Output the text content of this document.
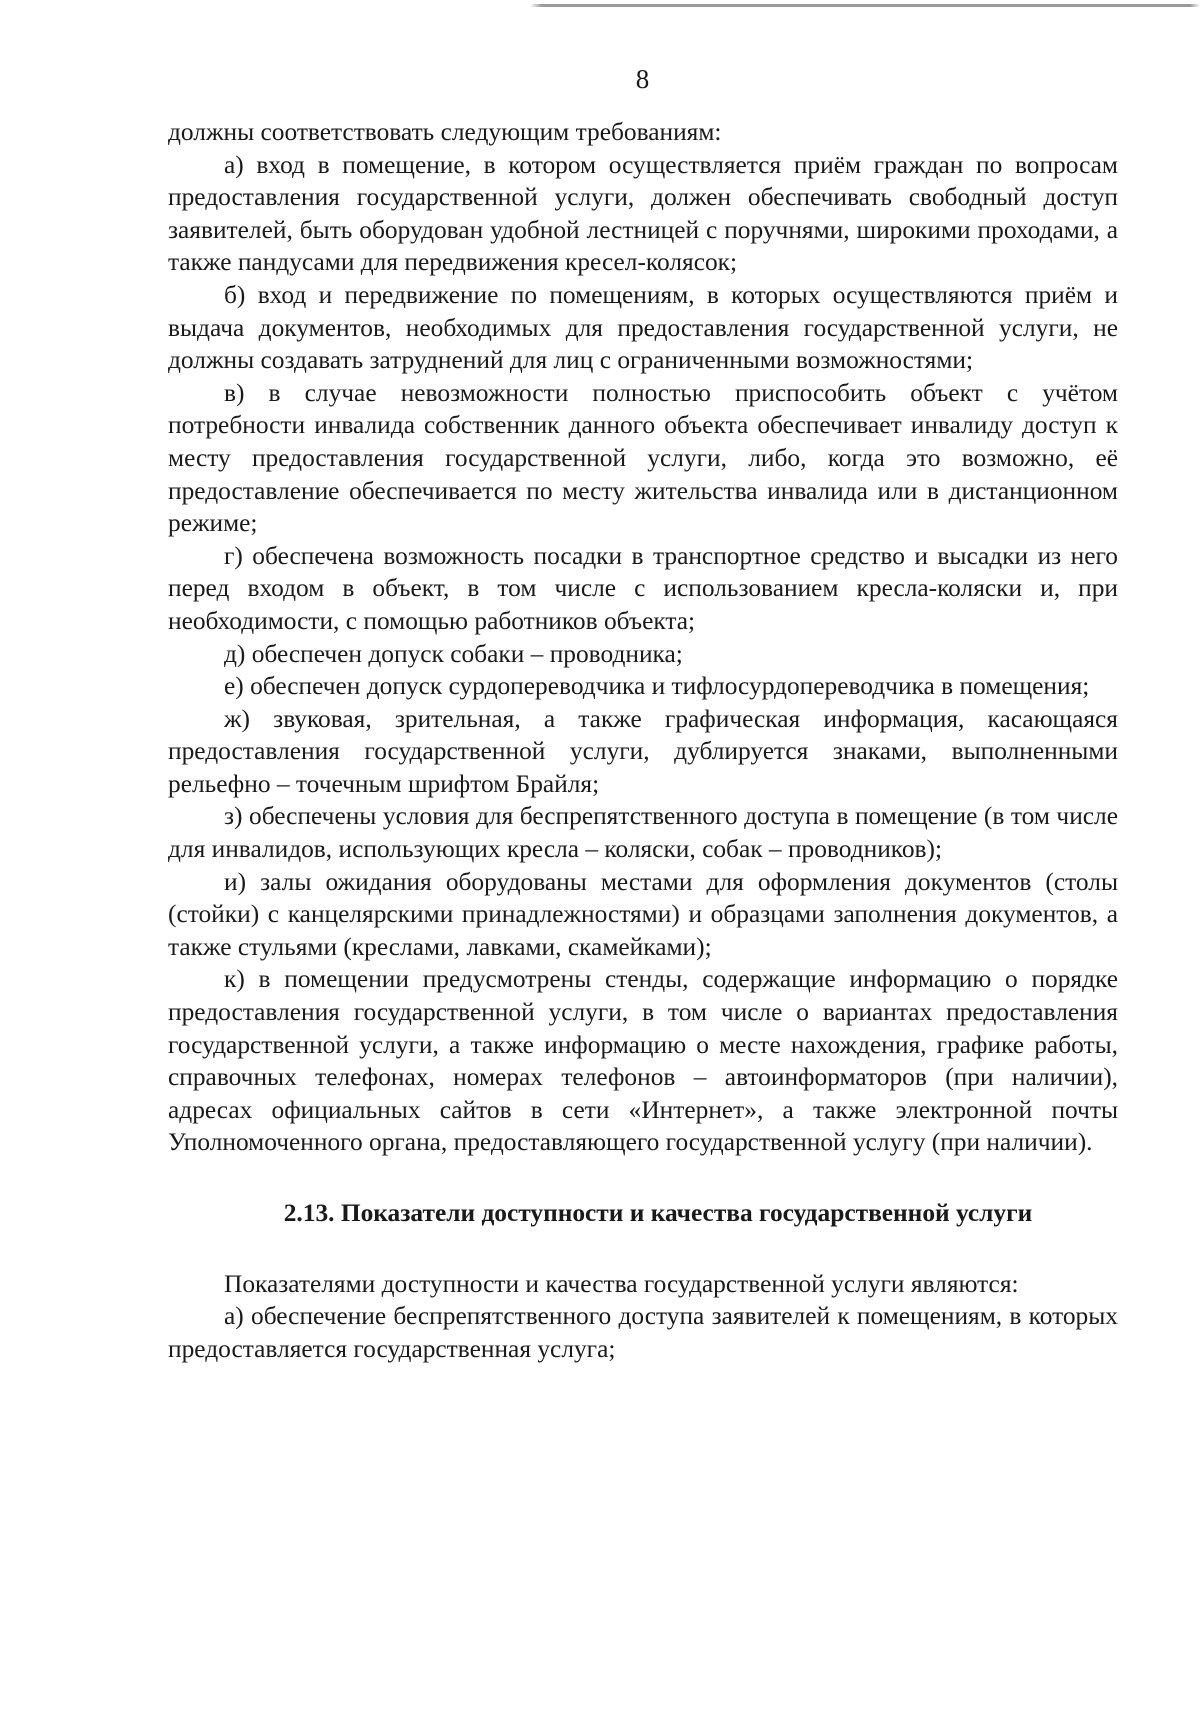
8

должны соответствовать следующим требованиям:

а) вход в помещение, в котором осуществляется приём граждан по вопросам предоставления государственной услуги, должен обеспечивать свободный доступ заявителей, быть оборудован удобной лестницей с поручнями, широкими проходами, а также пандусами для передвижения кресел-колясок;

б) вход и передвижение по помещениям, в которых осуществляются приём и выдача документов, необходимых для предоставления государственной услуги, не должны создавать затруднений для лиц с ограниченными возможностями;

в) в случае невозможности полностью приспособить объект с учётом потребности инвалида собственник данного объекта обеспечивает инвалиду доступ к месту предоставления государственной услуги, либо, когда это возможно, её предоставление обеспечивается по месту жительства инвалида или в дистанционном режиме;

г) обеспечена возможность посадки в транспортное средство и высадки из него перед входом в объект, в том числе с использованием кресла-коляски и, при необходимости, с помощью работников объекта;

д) обеспечен допуск собаки – проводника;

е) обеспечен допуск сурдопереводчика и тифлосурдопереводчика в помещения;

ж) звуковая, зрительная, а также графическая информация, касающаяся предоставления государственной услуги, дублируется знаками, выполненными рельефно – точечным шрифтом Брайля;

з) обеспечены условия для беспрепятственного доступа в помещение (в том числе для инвалидов, использующих кресла – коляски, собак – проводников);

и) залы ожидания оборудованы местами для оформления документов (столы (стойки) с канцелярскими принадлежностями) и образцами заполнения документов, а также стульями (креслами, лавками, скамейками);

к) в помещении предусмотрены стенды, содержащие информацию о порядке предоставления государственной услуги, в том числе о вариантах предоставления государственной услуги, а также информацию о месте нахождения, графике работы, справочных телефонах, номерах телефонов – автоинформаторов (при наличии), адресах официальных сайтов в сети «Интернет», а также электронной почты Уполномоченного органа, предоставляющего государственной услугу (при наличии).

2.13. Показатели доступности и качества государственной услуги

Показателями доступности и качества государственной услуги являются:

а) обеспечение беспрепятственного доступа заявителей к помещениям, в которых предоставляется государственная услуга;
